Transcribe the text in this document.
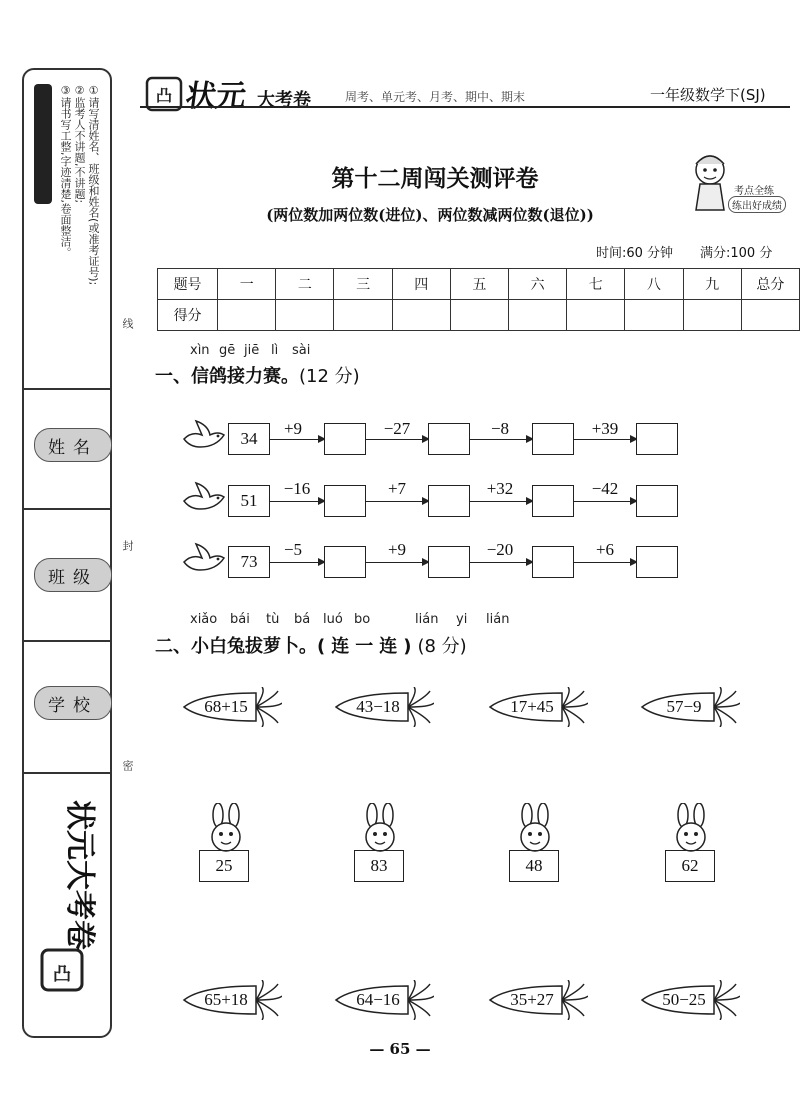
①请写清姓名、班级和姓名(或准考证号);
②监考人不讲题,不讲题;
③请书写工整,字迹清楚,卷面整洁。
姓名
班级
学校
凸
状元大考卷
线
封
密
凸 状元 大考卷	周考、单元考、月考、期中、期末	一年级数学下(SJ)
第十二周闯关测评卷
(两位数加两位数(进位)、两位数减两位数(退位))
考点全练
练出好成绩
时间:60 分钟 满分:100 分
题号	一	二	三	四	五	六	七	八	九	总分
得分										
xìn gē jiē lì sài
一、信鸽接力赛。(12 分)
34
+9	−27	−8	+39
51
−16	+7	+32	−42
73
−5	+9	−20	+6
xiǎo bái tù bá luó bo	lián yi lián
二、小白兔拔萝卜。(连一连)(8 分)
68+15	43−18	17+45	57−9
25	83	48	62
65+18	64−16	35+27	50−25
— 65 —
